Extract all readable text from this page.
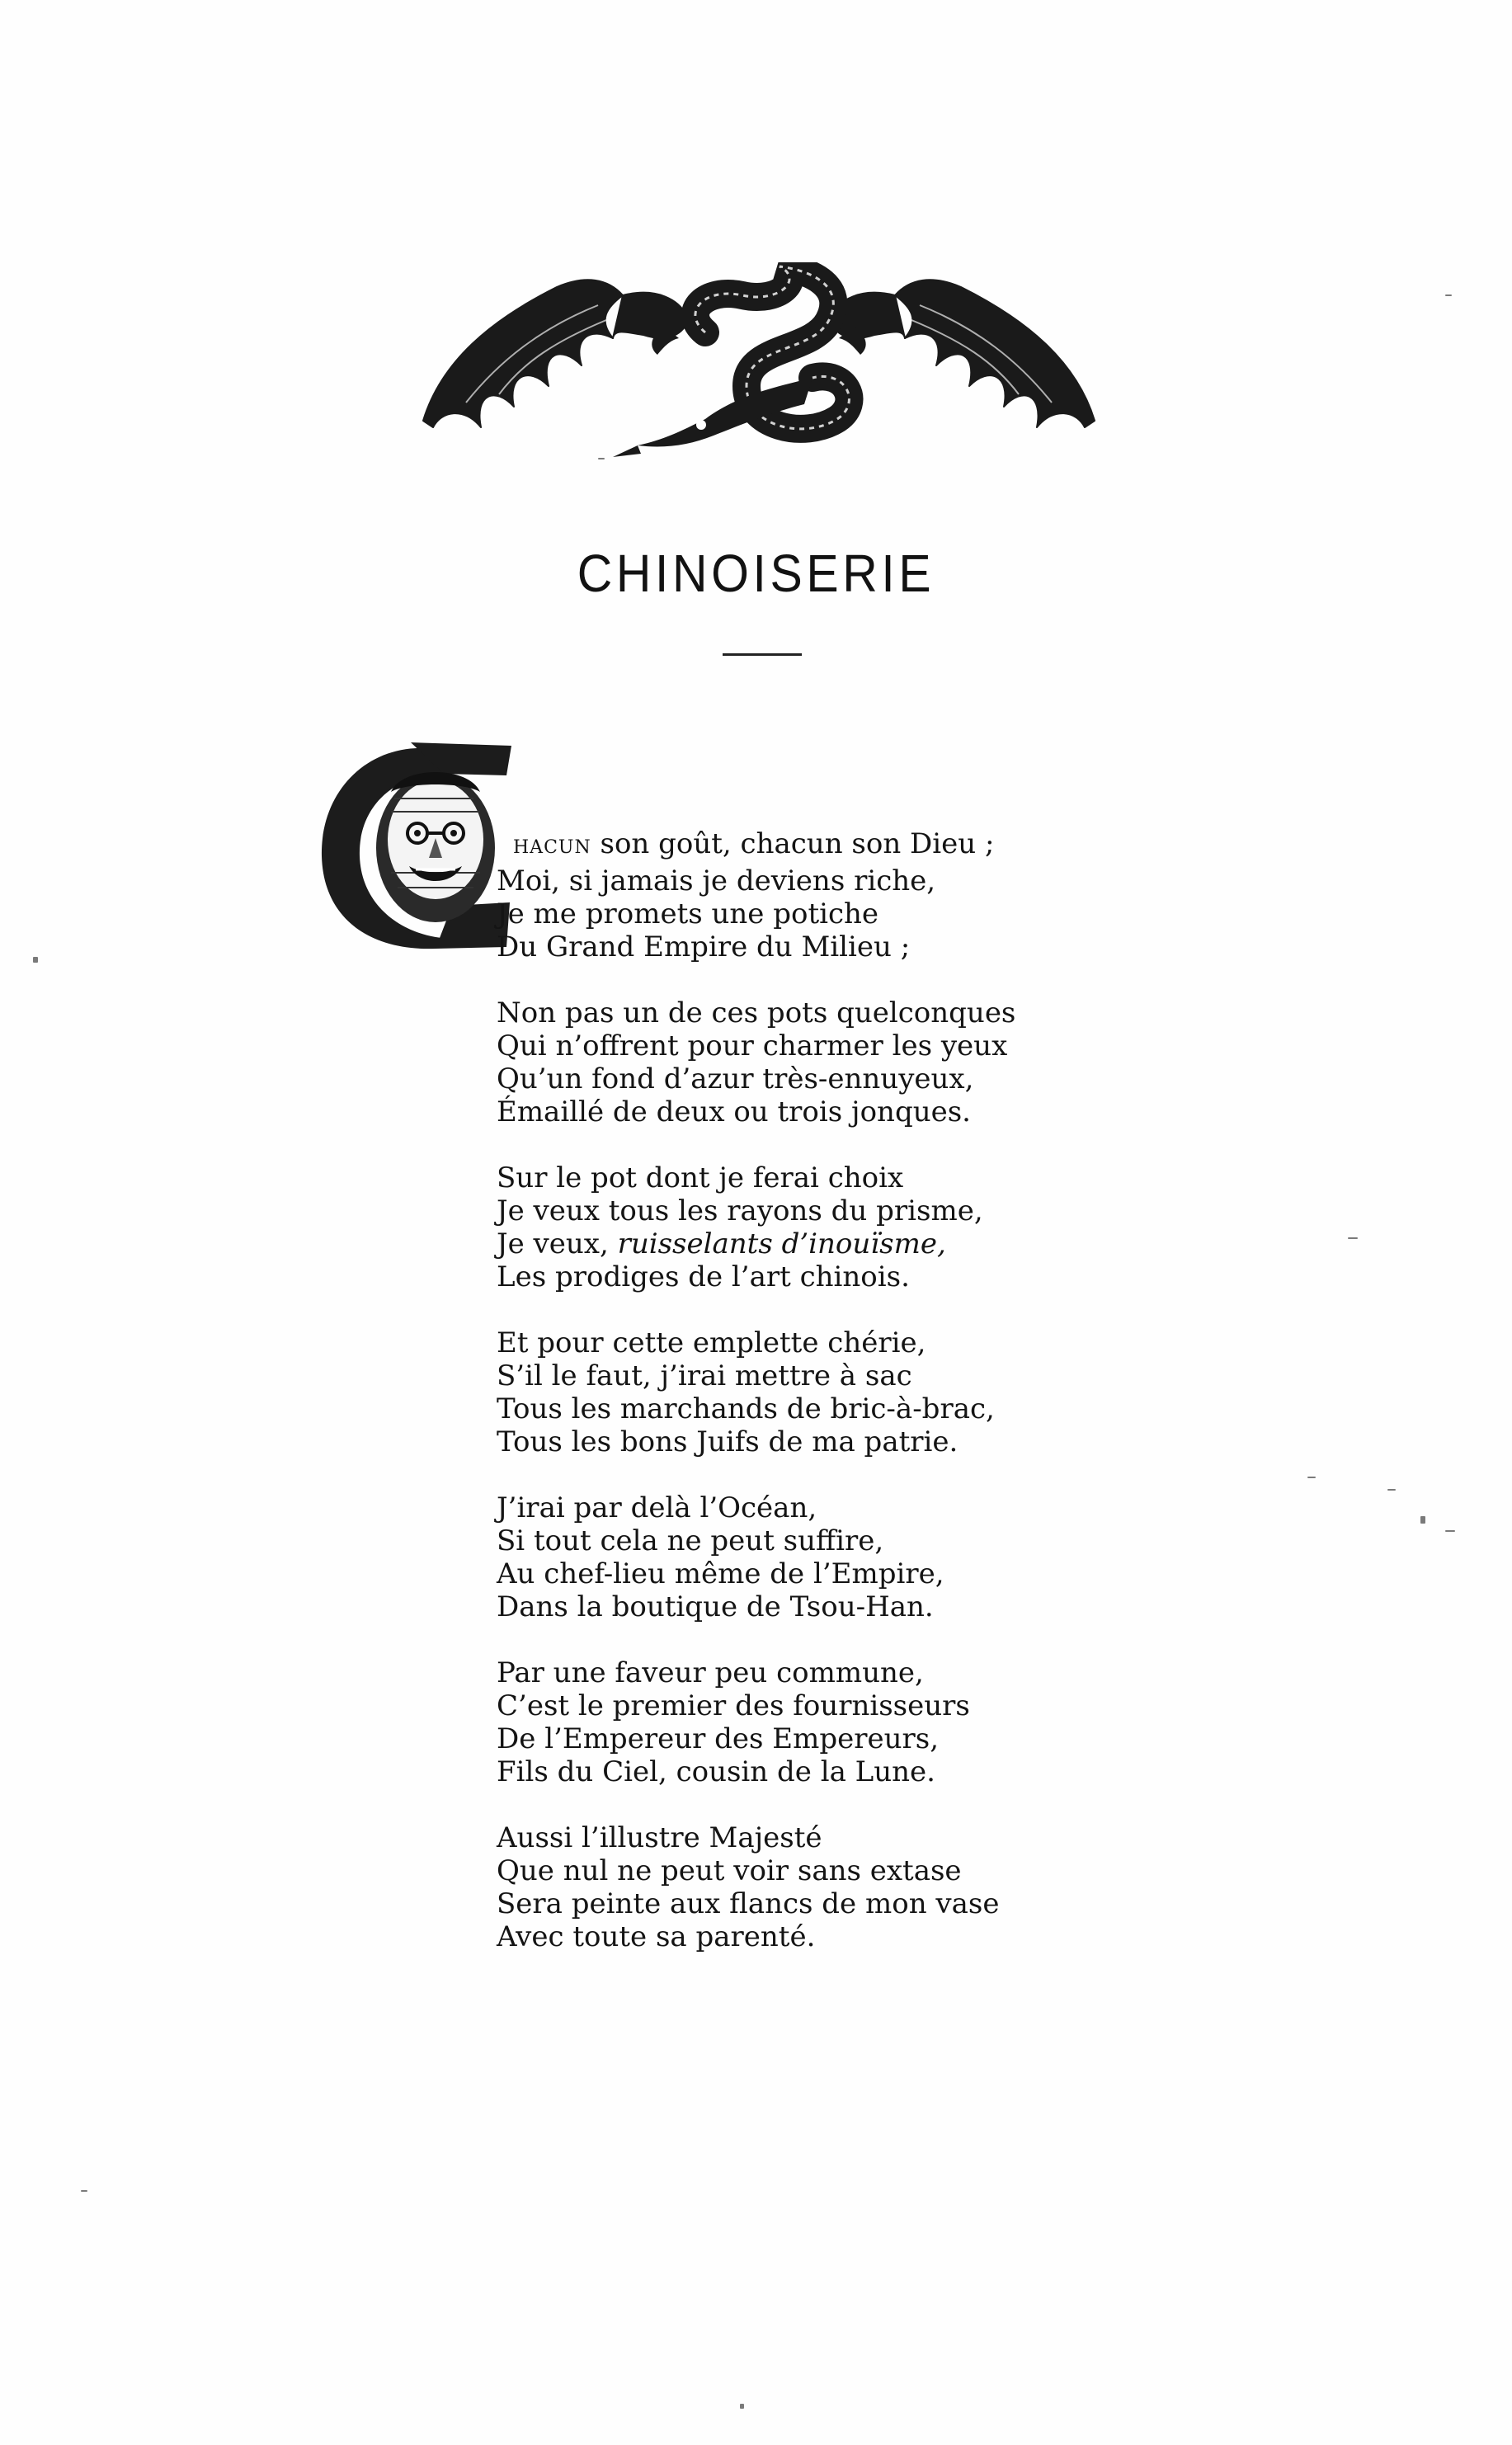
CHINOISERIE
HACUN son goût, chacun son Dieu ;
Moi, si jamais je deviens riche,
Je me promets une potiche
Du Grand Empire du Milieu ;
Non pas un de ces pots quelconques
Qui n’offrent pour charmer les yeux
Qu’un fond d’azur très-ennuyeux,
Émaillé de deux ou trois jonques.
Sur le pot dont je ferai choix
Je veux tous les rayons du prisme,
Je veux, ruisselants d’inouïsme,
Les prodiges de l’art chinois.
Et pour cette emplette chérie,
S’il le faut, j’irai mettre à sac
Tous les marchands de bric-à-brac,
Tous les bons Juifs de ma patrie.
J’irai par delà l’Océan,
Si tout cela ne peut suffire,
Au chef-lieu même de l’Empire,
Dans la boutique de Tsou-Han.
Par une faveur peu commune,
C’est le premier des fournisseurs
De l’Empereur des Empereurs,
Fils du Ciel, cousin de la Lune.
Aussi l’illustre Majesté
Que nul ne peut voir sans extase
Sera peinte aux flancs de mon vase
Avec toute sa parenté.
